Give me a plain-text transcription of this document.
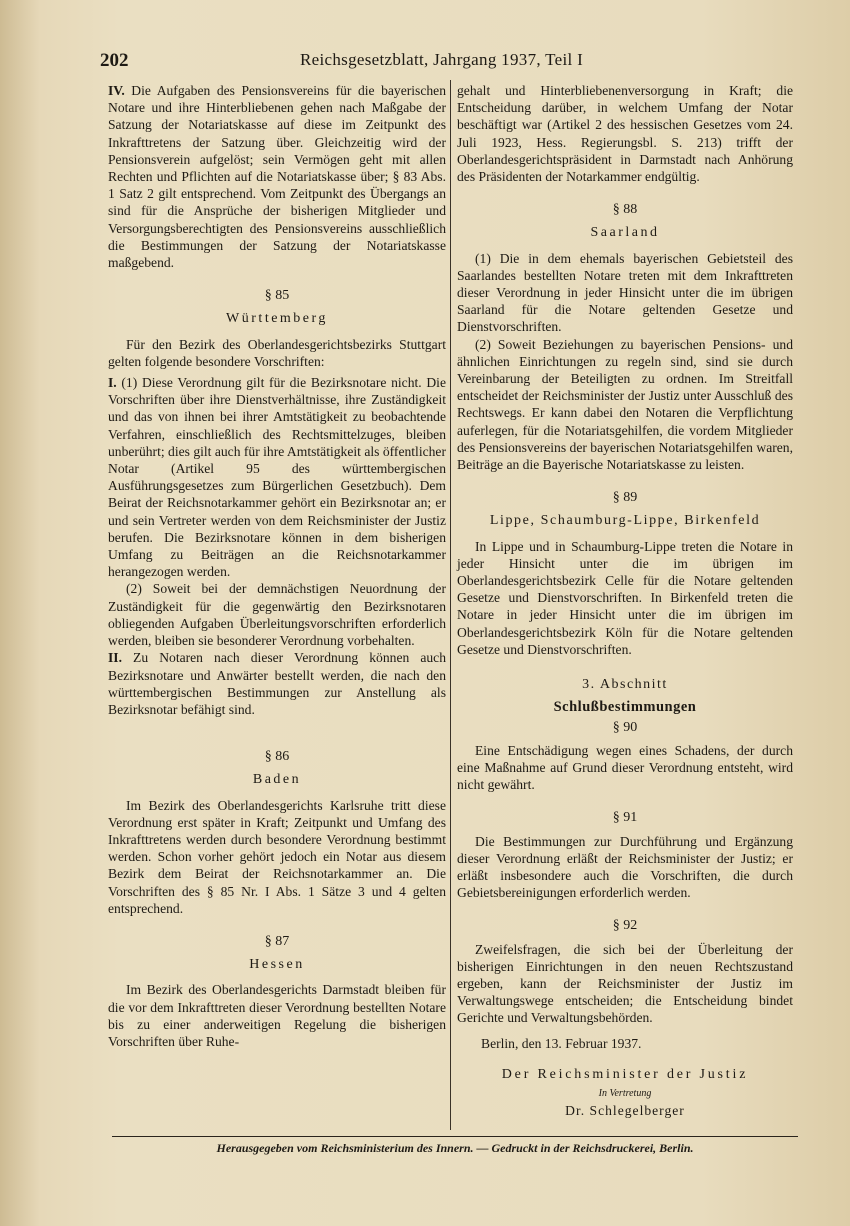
202	Reichsgesetzblatt, Jahrgang 1937, Teil I

IV. Die Aufgaben des Pensionsvereins für die bayerischen Notare und ihre Hinterbliebenen gehen nach Maßgabe der Satzung der Notariatskasse auf diese im Zeitpunkt des Inkrafttretens der Satzung über. Gleichzeitig wird der Pensionsverein aufgelöst; sein Vermögen geht mit allen Rechten und Pflichten auf die Notariatskasse über; § 83 Abs. 1 Satz 2 gilt entsprechend. Vom Zeitpunkt des Übergangs an sind für die Ansprüche der bisherigen Mitglieder und Versorgungsberechtigten des Pensionsvereins ausschließlich die Bestimmungen der Satzung der Notariatskasse maßgebend.

§ 85
Württemberg

Für den Bezirk des Oberlandesgerichtsbezirks Stuttgart gelten folgende besondere Vorschriften:

I. (1) Diese Verordnung gilt für die Bezirksnotare nicht. Die Vorschriften über ihre Dienstverhältnisse, ihre Zuständigkeit und das von ihnen bei ihrer Amtstätigkeit zu beobachtende Verfahren, einschließlich des Rechtsmittelzuges, bleiben unberührt; dies gilt auch für ihre Amtstätigkeit als öffentlicher Notar (Artikel 95 des württembergischen Ausführungsgesetzes zum Bürgerlichen Gesetzbuch). Dem Beirat der Reichsnotarkammer gehört ein Bezirksnotar an; er und sein Vertreter werden von dem Reichsminister der Justiz berufen. Die Bezirksnotare können in dem bisherigen Umfang zu Beiträgen an die Reichsnotarkammer herangezogen werden.

(2) Soweit bei der demnächstigen Neuordnung der Zuständigkeit für die gegenwärtig den Bezirksnotaren obliegenden Aufgaben Überleitungsvorschriften erforderlich werden, bleiben sie besonderer Verordnung vorbehalten.

II. Zu Notaren nach dieser Verordnung können auch Bezirksnotare und Anwärter bestellt werden, die nach den württembergischen Bestimmungen zur Anstellung als Bezirksnotar befähigt sind.

§ 86
Baden

Im Bezirk des Oberlandesgerichts Karlsruhe tritt diese Verordnung erst später in Kraft; Zeitpunkt und Umfang des Inkrafttretens werden durch besondere Verordnung bestimmt werden. Schon vorher gehört jedoch ein Notar aus diesem Bezirk dem Beirat der Reichsnotarkammer an. Die Vorschriften des § 85 Nr. I Abs. 1 Sätze 3 und 4 gelten entsprechend.

§ 87
Hessen

Im Bezirk des Oberlandesgerichts Darmstadt bleiben für die vor dem Inkrafttreten dieser Verordnung bestellten Notare bis zu einer anderweitigen Regelung die bisherigen Vorschriften über Ruhe-

gehalt und Hinterbliebenenversorgung in Kraft; die Entscheidung darüber, in welchem Umfang der Notar beschäftigt war (Artikel 2 des hessischen Gesetzes vom 24. Juli 1923, Hess. Regierungsbl. S. 213) trifft der Oberlandesgerichtspräsident in Darmstadt nach Anhörung des Präsidenten der Notarkammer endgültig.

§ 88
Saarland

(1) Die in dem ehemals bayerischen Gebietsteil des Saarlandes bestellten Notare treten mit dem Inkrafttreten dieser Verordnung in jeder Hinsicht unter die im übrigen Saarland für die Notare geltenden Gesetze und Dienstvorschriften.

(2) Soweit Beziehungen zu bayerischen Pensions- und ähnlichen Einrichtungen zu regeln sind, sind sie durch Vereinbarung der Beteiligten zu ordnen. Im Streitfall entscheidet der Reichsminister der Justiz unter Ausschluß des Rechtswegs. Er kann dabei den Notaren die Verpflichtung auferlegen, für die Notariatsgehilfen, die vordem Mitglieder des Pensionsvereins der bayerischen Notariatsgehilfen waren, Beiträge an die Bayerische Notariatskasse zu leisten.

§ 89
Lippe, Schaumburg-Lippe, Birkenfeld

In Lippe und in Schaumburg-Lippe treten die Notare in jeder Hinsicht unter die im übrigen im Oberlandesgerichtsbezirk Celle für die Notare geltenden Gesetze und Dienstvorschriften. In Birkenfeld treten die Notare in jeder Hinsicht unter die im übrigen im Oberlandesgerichtsbezirk Köln für die Notare geltenden Gesetze und Dienstvorschriften.

3. Abschnitt
Schlußbestimmungen
§ 90

Eine Entschädigung wegen eines Schadens, der durch eine Maßnahme auf Grund dieser Verordnung entsteht, wird nicht gewährt.

§ 91

Die Bestimmungen zur Durchführung und Ergänzung dieser Verordnung erläßt der Reichsminister der Justiz; er erläßt insbesondere auch die Vorschriften, die durch Gebietsbereinigungen erforderlich werden.

§ 92

Zweifelsfragen, die sich bei der Überleitung der bisherigen Einrichtungen in den neuen Rechtszustand ergeben, kann der Reichsminister der Justiz im Verwaltungswege entscheiden; die Entscheidung bindet Gerichte und Verwaltungsbehörden.

Berlin, den 13. Februar 1937.

Der Reichsminister der Justiz
In Vertretung
Dr. Schlegelberger
Herausgegeben vom Reichsministerium des Innern. — Gedruckt in der Reichsdruckerei, Berlin.
